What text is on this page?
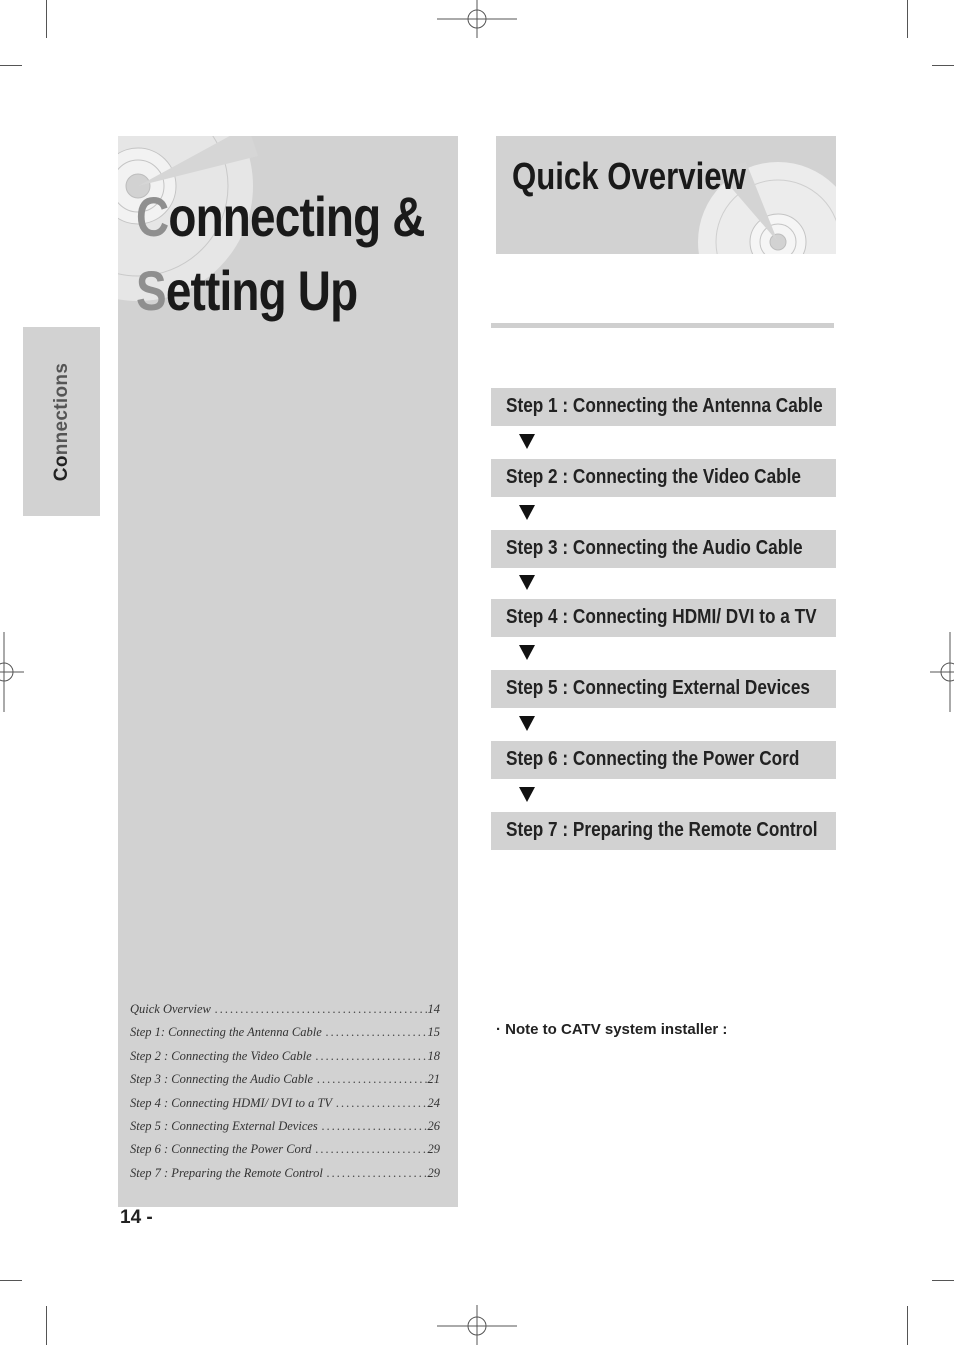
Connections
Connecting &
Setting Up
Quick Overview .....	14
Step 1: Connecting the Antenna Cable .....	15
Step 2 : Connecting the Video Cable .....	18
Step 3 : Connecting the Audio Cable .....	21
Step 4 : Connecting HDMI/ DVI to a TV .....	24
Step 5 : Connecting External Devices .....	26
Step 6 : Connecting the Power Cord .....	29
Step 7 : Preparing the Remote Control .....	29
14 -
Quick Overview
Step 1 : Connecting the Antenna Cable
Step 2 : Connecting the Video Cable
Step 3 : Connecting the Audio Cable
Step 4 : Connecting HDMI/ DVI to a TV
Step 5 : Connecting External Devices
Step 6 : Connecting the Power Cord
Step 7 : Preparing the Remote Control
· Note to CATV system installer :
